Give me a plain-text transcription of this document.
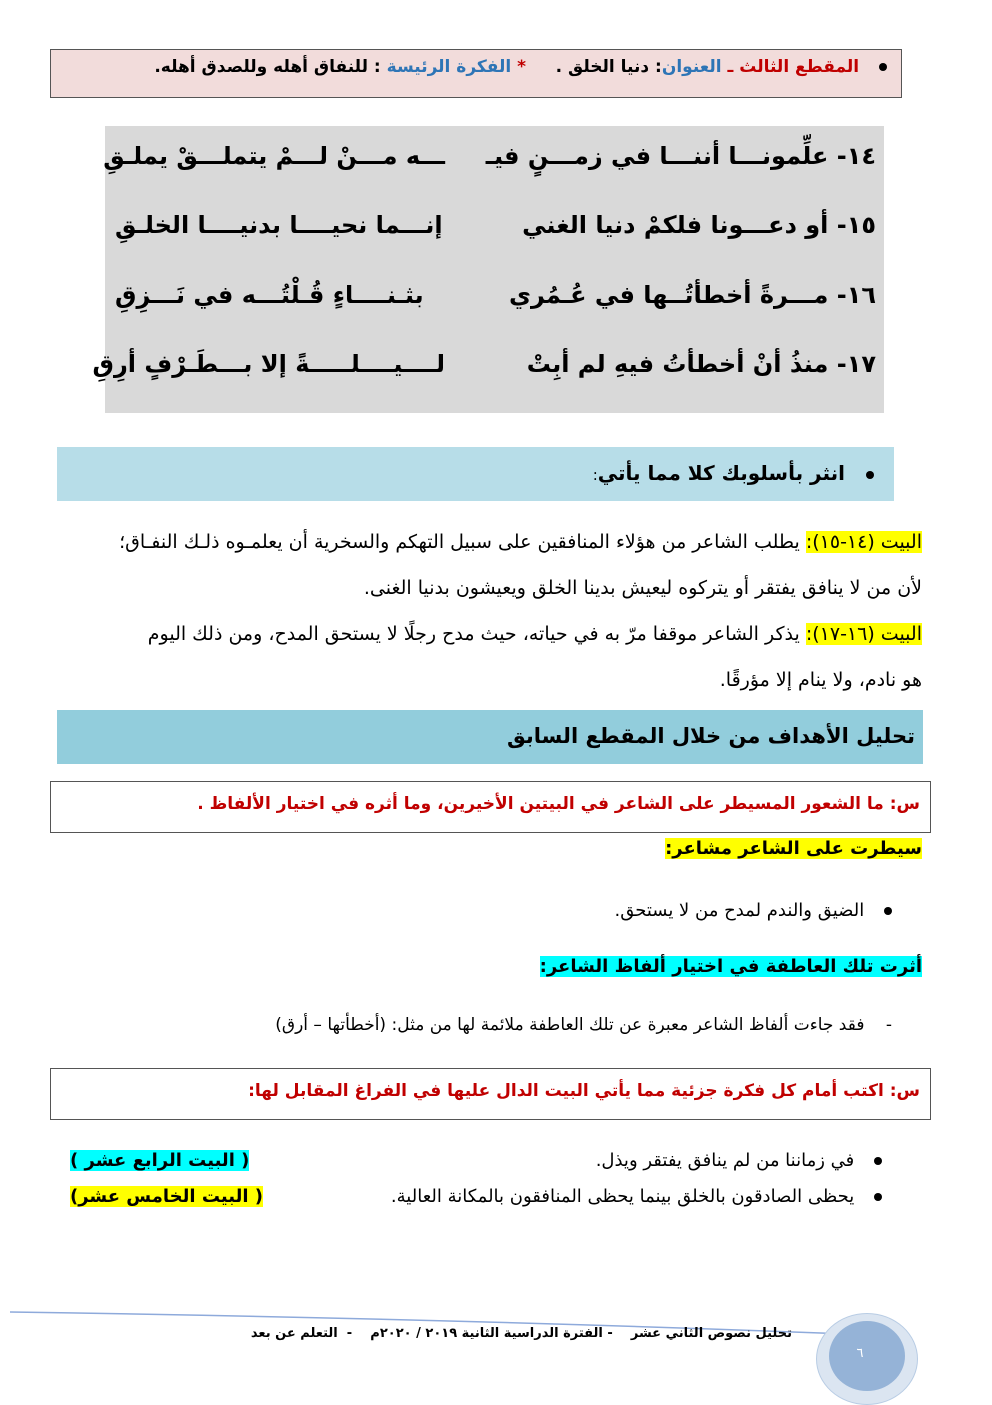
المقطع الثالث ـ العنوان: دنيا الخلق .     * الفكرة الرئيسة : للنفاق أهله وللصدق أهله.
١٤- علِّمونـــا أننـــا في زمـــنٍ فيـ
ـــه مـــنْ لـــمْ يتملـــقْ يملـقِ
١٥- أو دعـــونا فلكمْ دنيا الغني
إنـــما نحيــــا بدنيــــا الخلـقِ
١٦- مـــرةً أخطأتُــها في عُـمُري
بثـنــــاءٍ قُـلْتُـــه في نَـــزِقِ
١٧- منذُ أنْ أخطأتُ فيهِ لم أبِتْ
لــــيــــلـــــةً إلا بـــطَـرْفٍ أرِقِ
انثر بأسلوبك كلا مما يأتي:
البيت (١٤-١٥): يطلب الشاعر من هؤلاء المنافقين على سبيل التهكم والسخرية أن يعلمـوه ذلـك النفـاق؛
لأن من لا ينافق يفتقر أو يتركوه ليعيش بدينا الخلق ويعيشون بدنيا الغنى.
البيت (١٦-١٧): يذكر الشاعر موقفا مرّ به في حياته، حيث مدح رجلًا لا يستحق المدح، ومن ذلك اليوم
هو نادم، ولا ينام إلا مؤرقًا.
تحليل الأهداف من خلال المقطع السابق
س: ما الشعور المسيطر على الشاعر في البيتين الأخيرين، وما أثره في اختيار الألفاظ .
سيطرت على الشاعر مشاعر:
الضيق والندم لمدح من لا يستحق.
أثرت تلك العاطفة في اختيار ألفاظ الشاعر:
- فقد جاءت ألفاظ الشاعر معبرة عن تلك العاطفة ملائمة لها من مثل: (أخطأتها – أرق)
س: اكتب أمام كل فكرة جزئية مما يأتي البيت الدال عليها في الفراغ المقابل لها:
في زماننا من لم ينافق يفتقر ويذل.
( البيت الرابع عشر )
يحظى الصادقون بالخلق بينما يحظى المنافقون بالمكانة العالية.
( البيت الخامس عشر)
تحليل نصوص الثاني عشر    - الفترة الدراسية الثانية ٢٠١٩ / ٢٠٢٠م    -  التعلم عن بعد
٦
